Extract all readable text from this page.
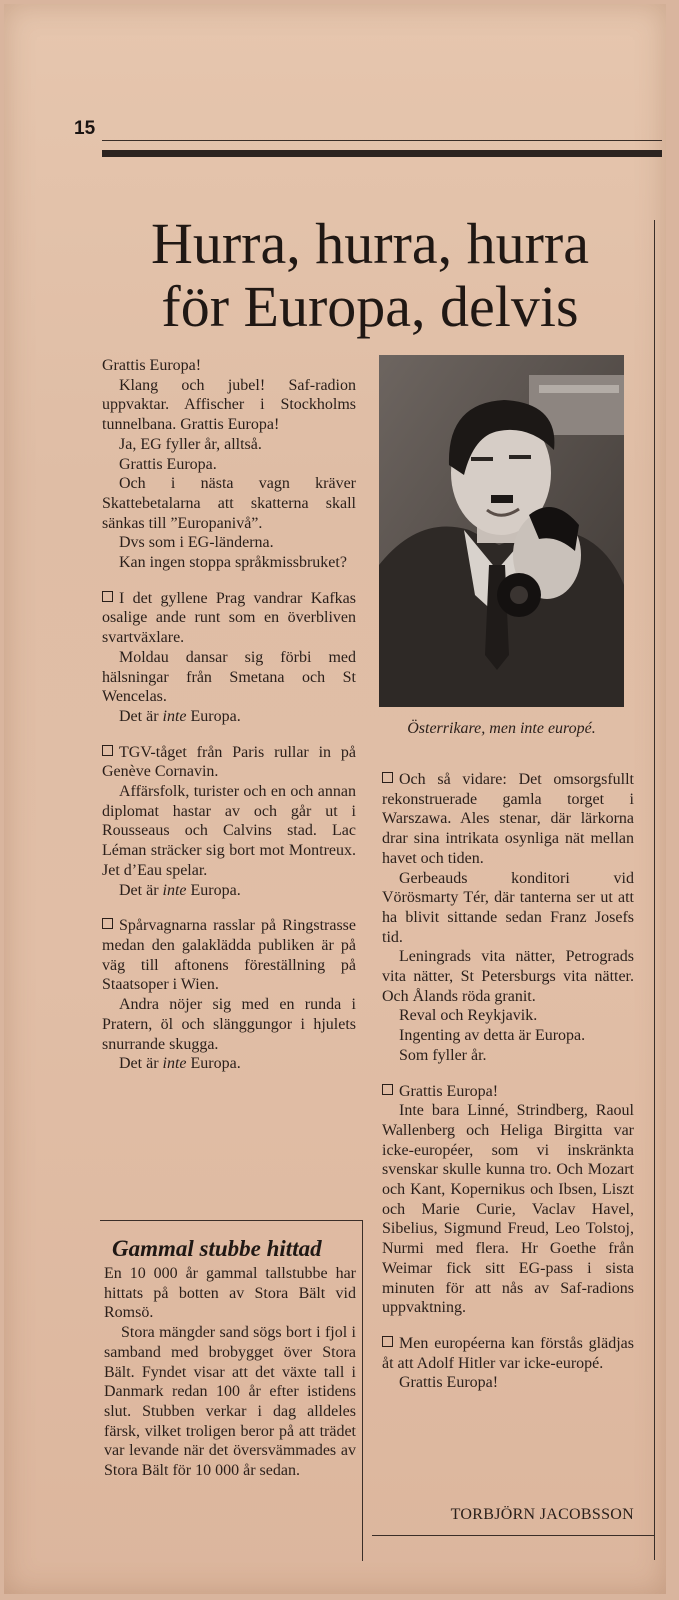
15
Hurra, hurra, hurra
för Europa, delvis

Grattis Europa!

Klang och jubel! Saf-radion uppvaktar. Affischer i Stockholms tunnelbana. Grattis Europa!

Ja, EG fyller år, alltså.

Grattis Europa.

Och i nästa vagn kräver Skattebetalarna att skatterna skall sänkas till ”Europanivå”.

Dvs som i EG-länderna.

Kan ingen stoppa språkmissbruket?

I det gyllene Prag vandrar Kafkas osalige ande runt som en överbliven svartväxlare.

Moldau dansar sig förbi med hälsningar från Smetana och St Wencelas.

Det är inte Europa.

TGV-tåget från Paris rullar in på Genève Cornavin.

Affärsfolk, turister och en och annan diplomat hastar av och går ut i Rousseaus och Calvins stad. Lac Léman sträcker sig bort mot Montreux. Jet d’Eau spelar.

Det är inte Europa.

Spårvagnarna rasslar på Ringstrasse medan den galaklädda publiken är på väg till aftonens föreställning på Staatsoper i Wien.

Andra nöjer sig med en runda i Pratern, öl och slänggungor i hjulets snurrande skugga.

Det är inte Europa.

Österrikare, men inte europé.

Och så vidare: Det omsorgsfullt rekonstruerade gamla torget i Warszawa. Ales stenar, där lärkorna drar sina intrikata osynliga nät mellan havet och tiden.

Gerbeauds konditori vid Vörösmarty Tér, där tanterna ser ut att ha blivit sittande sedan Franz Josefs tid.

Leningrads vita nätter, Petrograds vita nätter, St Petersburgs vita nätter. Och Ålands röda granit.

Reval och Reykjavik.

Ingenting av detta är Europa.

Som fyller år.

Grattis Europa!

Inte bara Linné, Strindberg, Raoul Wallenberg och Heliga Birgitta var icke-européer, som vi inskränkta svenskar skulle kunna tro. Och Mozart och Kant, Kopernikus och Ibsen, Liszt och Marie Curie, Vaclav Havel, Sibelius, Sigmund Freud, Leo Tolstoj, Nurmi med flera. Hr Goethe från Weimar fick sitt EG-pass i sista minuten för att nås av Saf-radions uppvaktning.

Men européerna kan förstås glädjas åt att Adolf Hitler var icke-europé.

Grattis Europa!

TORBJÖRN JACOBSSON
Gammal stubbe hittad

En 10 000 år gammal tallstubbe har hittats på botten av Stora Bält vid Romsö.

Stora mängder sand sögs bort i fjol i samband med brobygget över Stora Bält. Fyndet visar att det växte tall i Danmark redan 100 år efter istidens slut. Stubben verkar i dag alldeles färsk, vilket troligen beror på att trädet var levande när det översvämmades av Stora Bält för 10 000 år sedan.
